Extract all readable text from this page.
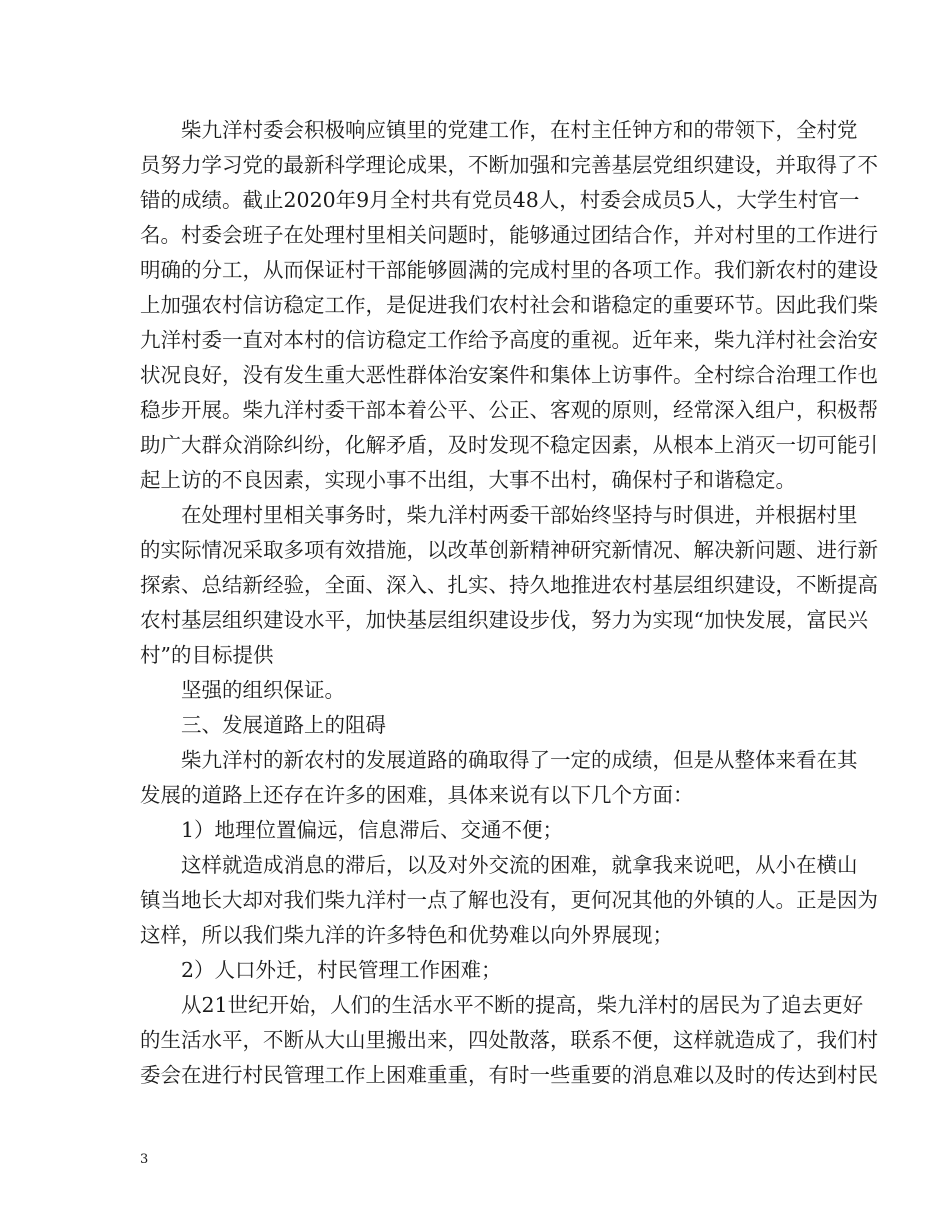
　　柴九洋村委会积极响应镇里的党建工作，在村主任钟方和的带领下，全村党
员努力学习党的最新科学理论成果，不断加强和完善基层党组织建设，并取得了不
错的成绩。截止2020年9月全村共有党员48人，村委会成员5人，大学生村官一
名。村委会班子在处理村里相关问题时，能够通过团结合作，并对村里的工作进行
明确的分工，从而保证村干部能够圆满的完成村里的各项工作。我们新农村的建设
上加强农村信访稳定工作，是促进我们农村社会和谐稳定的重要环节。因此我们柴
九洋村委一直对本村的信访稳定工作给予高度的重视。近年来，柴九洋村社会治安
状况良好，没有发生重大恶性群体治安案件和集体上访事件。全村综合治理工作也
稳步开展。柴九洋村委干部本着公平、公正、客观的原则，经常深入组户，积极帮
助广大群众消除纠纷，化解矛盾，及时发现不稳定因素，从根本上消灭一切可能引
起上访的不良因素，实现小事不出组，大事不出村，确保村子和谐稳定。
　　在处理村里相关事务时，柴九洋村两委干部始终坚持与时俱进，并根据村里
的实际情况采取多项有效措施，以改革创新精神研究新情况、解决新问题、进行新
探索、总结新经验，全面、深入、扎实、持久地推进农村基层组织建设，不断提高
农村基层组织建设水平，加快基层组织建设步伐，努力为实现“加快发展，富民兴
村”的目标提供
　　坚强的组织保证。
　　三、发展道路上的阻碍
　　柴九洋村的新农村的发展道路的确取得了一定的成绩，但是从整体来看在其
发展的道路上还存在许多的困难，具体来说有以下几个方面：
　　1）地理位置偏远，信息滞后、交通不便；
　　这样就造成消息的滞后，以及对外交流的困难，就拿我来说吧，从小在横山
镇当地长大却对我们柴九洋村一点了解也没有，更何况其他的外镇的人。正是因为
这样，所以我们柴九洋的许多特色和优势难以向外界展现；
　　2）人口外迁，村民管理工作困难；
　　从21世纪开始，人们的生活水平不断的提高，柴九洋村的居民为了追去更好
的生活水平，不断从大山里搬出来，四处散落，联系不便，这样就造成了，我们村
委会在进行村民管理工作上困难重重，有时一些重要的消息难以及时的传达到村民
3
